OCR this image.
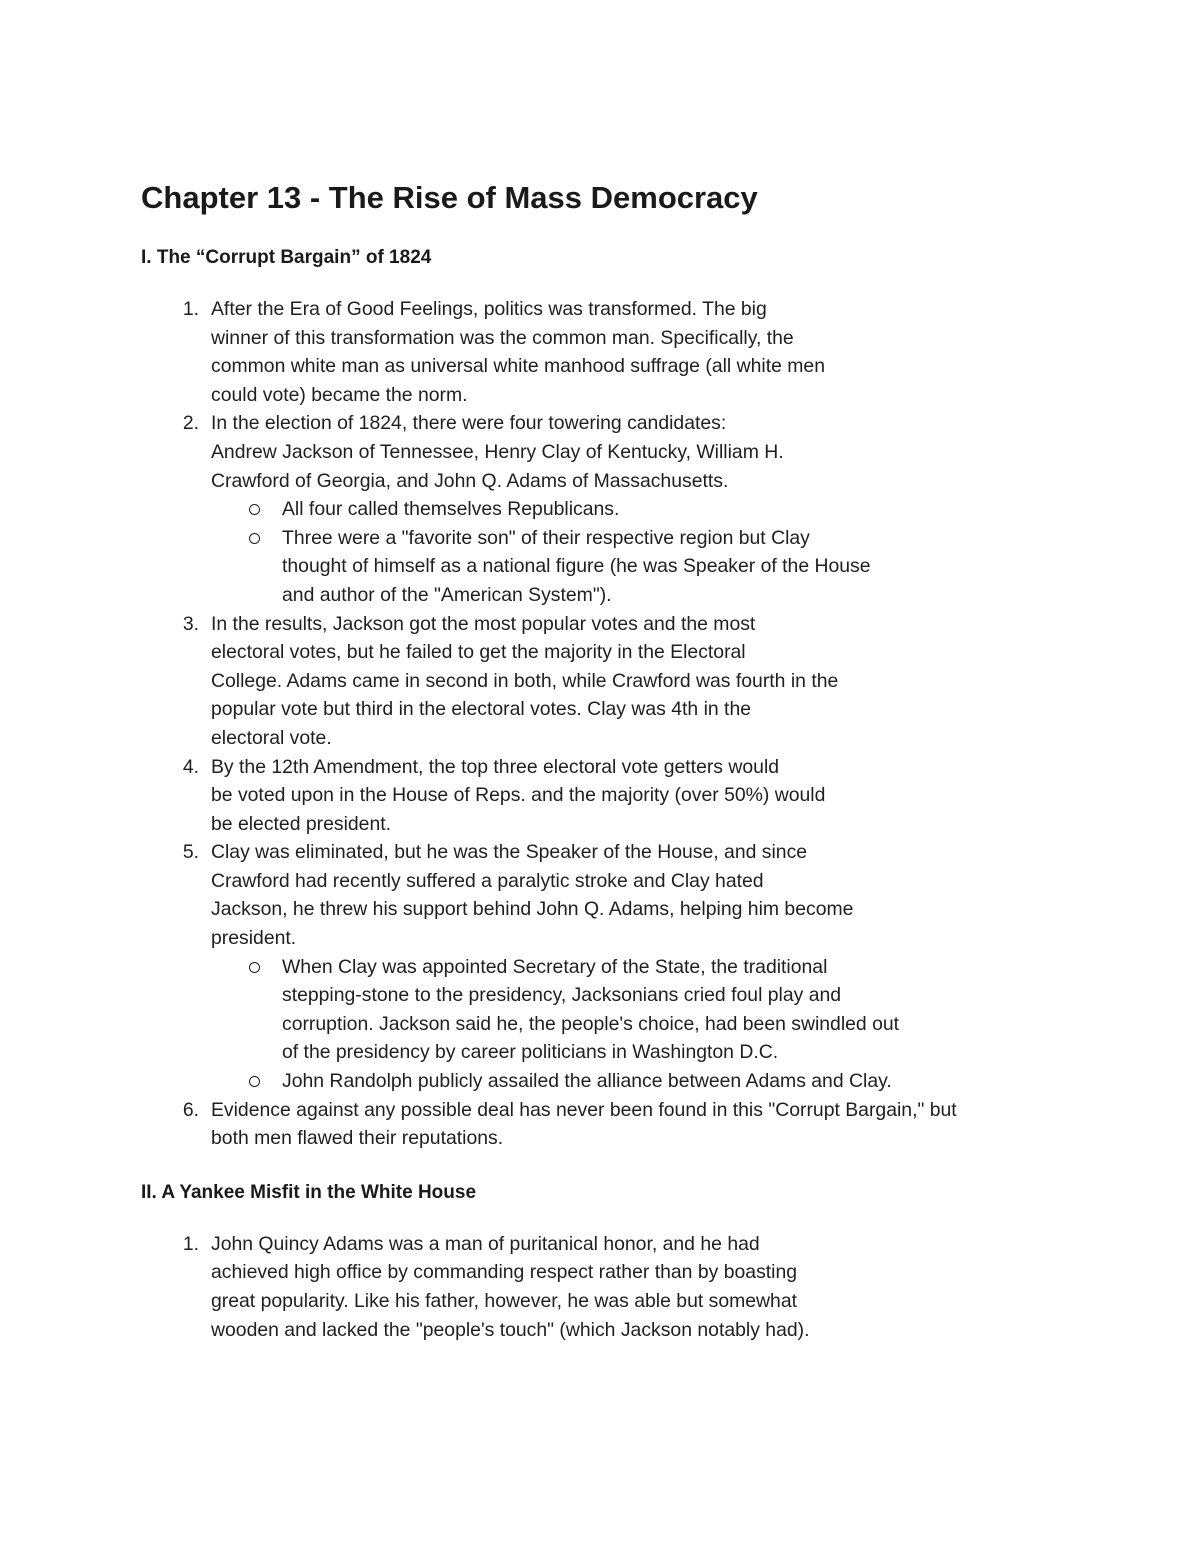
Chapter 13 - The Rise of Mass Democracy
I. The “Corrupt Bargain” of 1824
1. After the Era of Good Feelings, politics was transformed. The big
winner of this transformation was the common man. Specifically, the
common white man as universal white manhood suffrage (all white men
could vote) became the norm.
2. In the election of 1824, there were four towering candidates:
Andrew Jackson of Tennessee, Henry Clay of Kentucky, William H.
Crawford of Georgia, and John Q. Adams of Massachusetts.
All four called themselves Republicans.
Three were a "favorite son" of their respective region but Clay
thought of himself as a national figure (he was Speaker of the House
and author of the "American System").
3. In the results, Jackson got the most popular votes and the most
electoral votes, but he failed to get the majority in the Electoral
College. Adams came in second in both, while Crawford was fourth in the
popular vote but third in the electoral votes. Clay was 4th in the
electoral vote.
4. By the 12th Amendment, the top three electoral vote getters would
be voted upon in the House of Reps. and the majority (over 50%) would
be elected president.
5. Clay was eliminated, but he was the Speaker of the House, and since
Crawford had recently suffered a paralytic stroke and Clay hated
Jackson, he threw his support behind John Q. Adams, helping him become
president.
When Clay was appointed Secretary of the State, the traditional
stepping-stone to the presidency, Jacksonians cried foul play and
corruption. Jackson said he, the people's choice, had been swindled out
of the presidency by career politicians in Washington D.C.
John Randolph publicly assailed the alliance between Adams and Clay.
6. Evidence against any possible deal has never been found in this "Corrupt Bargain," but
both men flawed their reputations.
II. A Yankee Misfit in the White House
1. John Quincy Adams was a man of puritanical honor, and he had
achieved high office by commanding respect rather than by boasting
great popularity. Like his father, however, he was able but somewhat
wooden and lacked the "people's touch" (which Jackson notably had).
